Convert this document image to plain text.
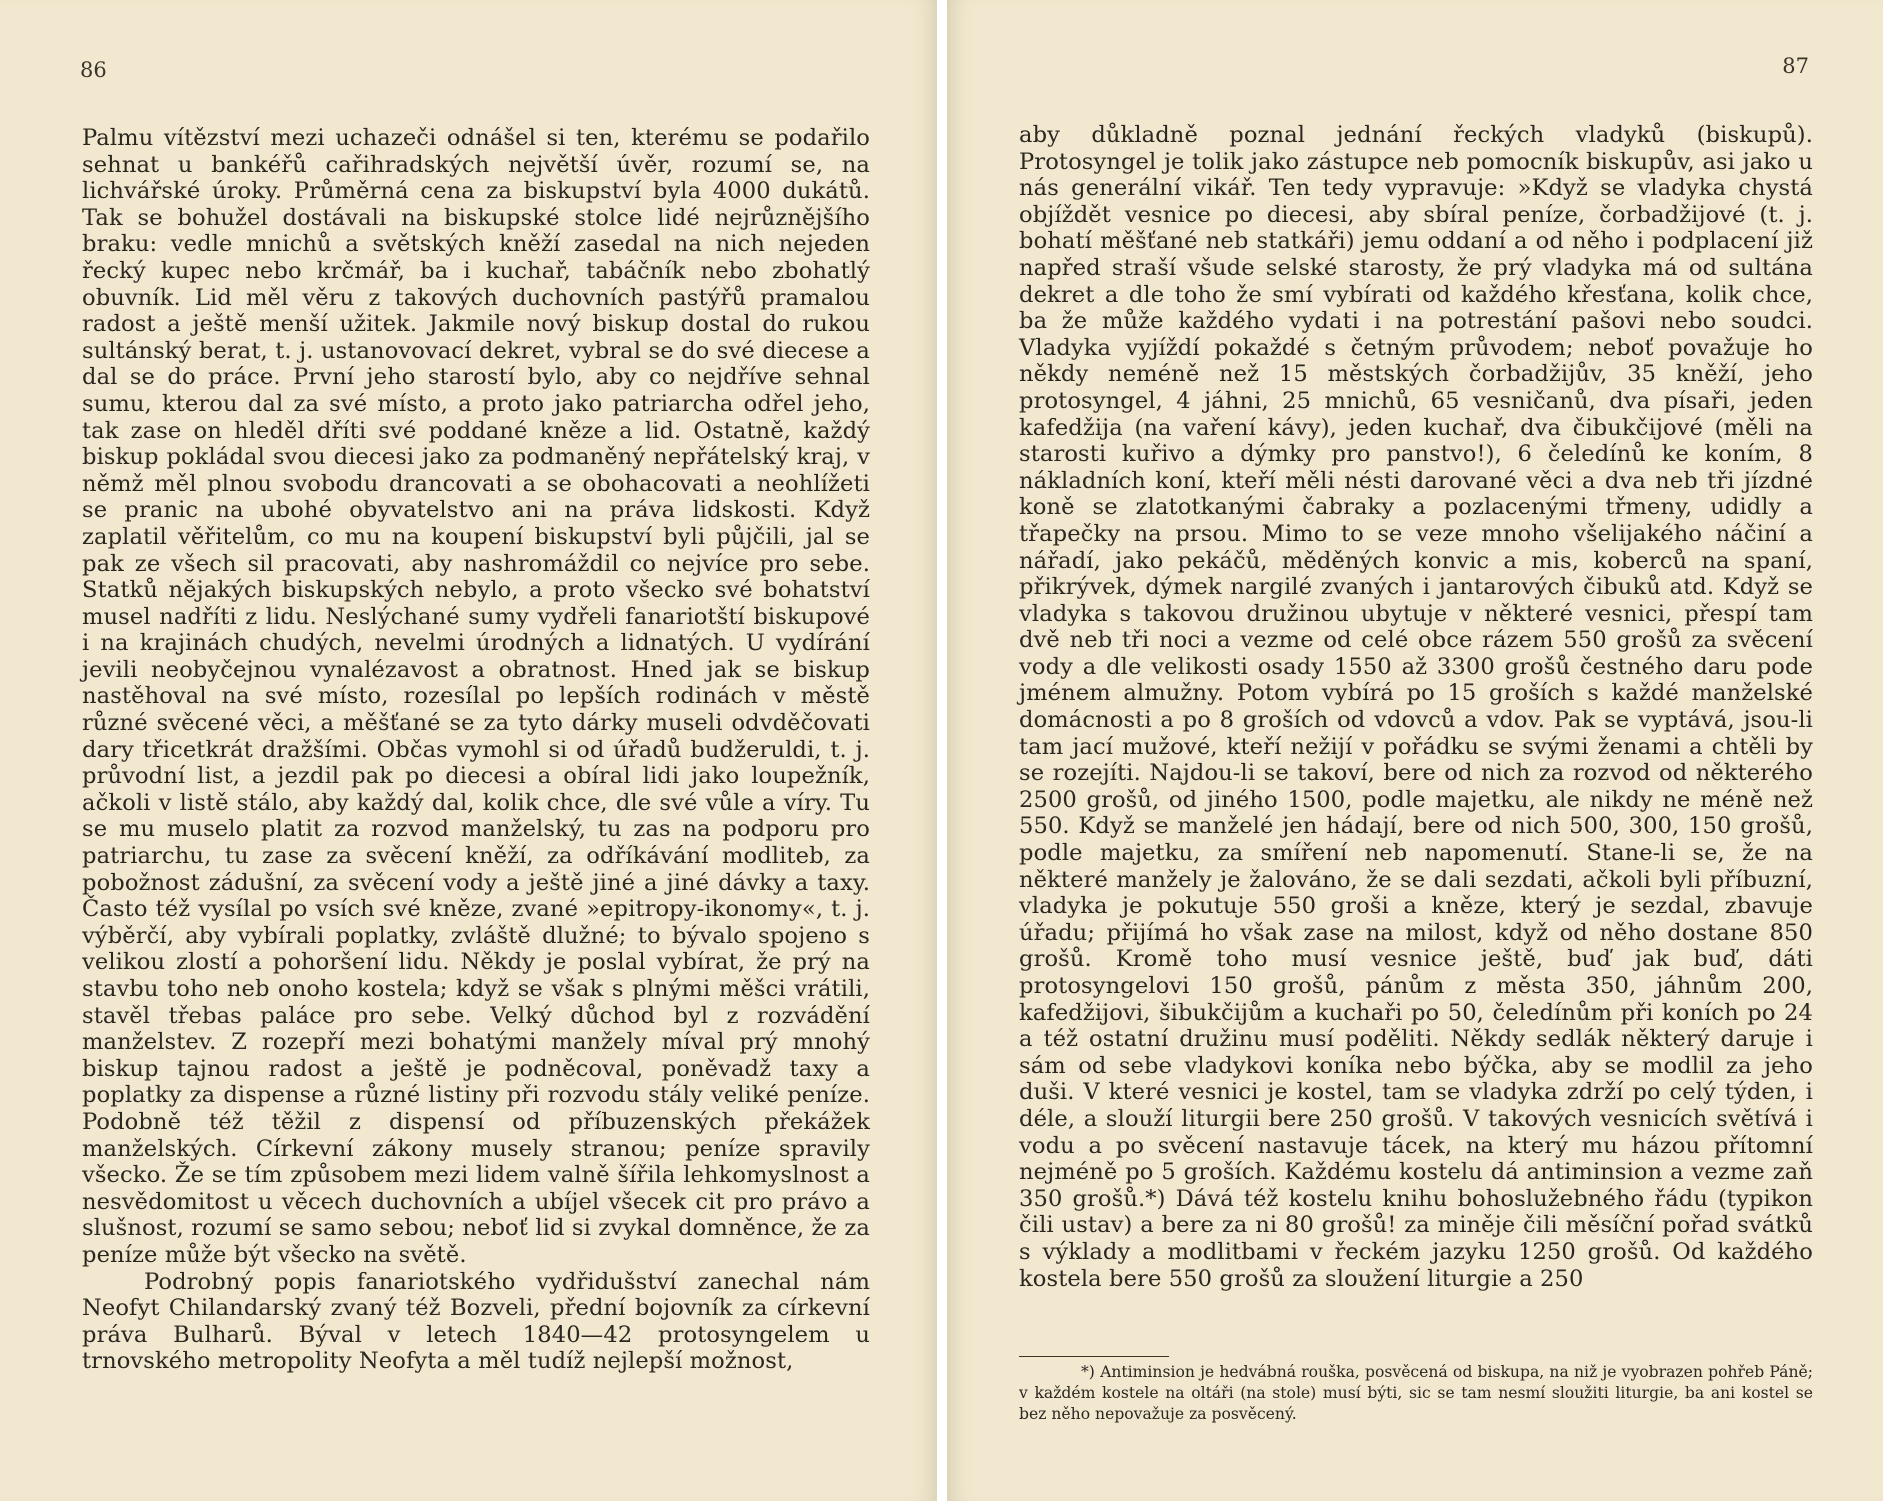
86

Palmu vítězství mezi uchazeči odnášel si ten, kterému se podařilo sehnat u bankéřů cařihradských největší úvěr, rozumí se, na lichvářské úroky. Průměrná cena za biskupství byla 4000 dukátů. Tak se bohužel dostávali na biskupské stolce lidé nejrůznějšího braku: vedle mnichů a světských kněží zasedal na nich nejeden řecký kupec nebo krčmář, ba i kuchař, tabáčník nebo zbohatlý obuvník. Lid měl věru z takových duchovních pastýřů pramalou radost a ještě menší užitek. Jakmile nový biskup dostal do rukou sultánský berat, t. j. ustanovovací dekret, vybral se do své diecese a dal se do práce. První jeho starostí bylo, aby co nejdříve sehnal sumu, kterou dal za své místo, a proto jako patriarcha odřel jeho, tak zase on hleděl dříti své poddané kněze a lid. Ostatně, každý biskup pokládal svou diecesi jako za podmaněný nepřátelský kraj, v němž měl plnou svobodu drancovati a se obohacovati a neohlížeti se pranic na ubohé obyvatelstvo ani na práva lidskosti. Když zaplatil věřitelům, co mu na koupení biskupství byli půjčili, jal se pak ze všech sil pracovati, aby nashromáždil co nejvíce pro sebe. Statků nějakých biskupských nebylo, a proto všecko své bohatství musel nadříti z lidu. Neslýchané sumy vydřeli fanariotští biskupové i na krajinách chudých, nevelmi úrodných a lidnatých. U vydírání jevili neobyčejnou vynalézavost a obratnost. Hned jak se biskup nastěhoval na své místo, rozesílal po lepších rodinách v městě různé svěcené věci, a měšťané se za tyto dárky museli odvděčovati dary třicetkrát dražšími. Občas vymohl si od úřadů budžeruldi, t. j. průvodní list, a jezdil pak po diecesi a obíral lidi jako loupežník, ačkoli v listě stálo, aby každý dal, kolik chce, dle své vůle a víry. Tu se mu muselo platit za rozvod manželský, tu zas na podporu pro patriarchu, tu zase za svěcení kněží, za odříkávání modliteb, za pobožnost zádušní, za svěcení vody a ještě jiné a jiné dávky a taxy. Často též vysílal po vsích své kněze, zvané »epitropy-ikonomy«, t. j. výběrčí, aby vybírali poplatky, zvláště dlužné; to bývalo spojeno s velikou zlostí a pohoršení lidu. Někdy je poslal vybírat, že prý na stavbu toho neb onoho kostela; když se však s plnými měšci vrátili, stavěl třebas paláce pro sebe. Velký důchod byl z rozvádění manželstev. Z rozepří mezi bohatými manžely míval prý mnohý biskup tajnou radost a ještě je podněcoval, poněvadž taxy a poplatky za dispense a různé listiny při rozvodu stály veliké peníze. Podobně též těžil z dispensí od příbuzenských překážek manželských. Církevní zákony musely stranou; peníze spravily všecko. Že se tím způsobem mezi lidem valně šířila lehkomyslnost a nesvědomitost u věcech duchovních a ubíjel všecek cit pro právo a slušnost, rozumí se samo sebou; neboť lid si zvykal domněnce, že za peníze může být všecko na světě.

Podrobný popis fanariotského vydřidušství zanechal nám Neofyt Chilandarský zvaný též Bozveli, přední bojovník za církevní práva Bulharů. Býval v letech 1840—42 protosyngelem u trnovského metropolity Neofyta a měl tudíž nejlepší možnost,

87

aby důkladně poznal jednání řeckých vladyků (biskupů). Protosyngel je tolik jako zástupce neb pomocník biskupův, asi jako u nás generální vikář. Ten tedy vypravuje: »Když se vladyka chystá objíždět vesnice po diecesi, aby sbíral peníze, čorbadžijové (t. j. bohatí měšťané neb statkáři) jemu oddaní a od něho i podplacení již napřed straší všude selské starosty, že prý vladyka má od sultána dekret a dle toho že smí vybírati od každého křesťana, kolik chce, ba že může každého vydati i na potrestání pašovi nebo soudci. Vladyka vyjíždí pokaždé s četným průvodem; neboť považuje ho někdy neméně než 15 městských čorbadžijův, 35 kněží, jeho protosyngel, 4 jáhni, 25 mnichů, 65 vesničanů, dva písaři, jeden kafedžija (na vaření kávy), jeden kuchař, dva čibukčijové (měli na starosti kuřivo a dýmky pro panstvo!), 6 čeledínů ke koním, 8 nákladních koní, kteří měli nésti darované věci a dva neb tři jízdné koně se zlatotkanými čabraky a pozlacenými třmeny, udidly a třapečky na prsou. Mimo to se veze mnoho všelijakého náčiní a nářadí, jako pekáčů, měděných konvic a mis, koberců na spaní, přikrývek, dýmek nargilé zvaných i jantarových čibuků atd. Když se vladyka s takovou družinou ubytuje v některé vesnici, přespí tam dvě neb tři noci a vezme od celé obce rázem 550 grošů za svěcení vody a dle velikosti osady 1550 až 3300 grošů čestného daru pode jménem almužny. Potom vybírá po 15 groších s každé manželské domácnosti a po 8 groších od vdovců a vdov. Pak se vyptává, jsou-li tam jací mužové, kteří nežijí v pořádku se svými ženami a chtěli by se rozejíti. Najdou-li se takoví, bere od nich za rozvod od některého 2500 grošů, od jiného 1500, podle majetku, ale nikdy ne méně než 550. Když se manželé jen hádají, bere od nich 500, 300, 150 grošů, podle majetku, za smíření neb napomenutí. Stane-li se, že na některé manžely je žalováno, že se dali sezdati, ačkoli byli příbuzní, vladyka je pokutuje 550 groši a kněze, který je sezdal, zbavuje úřadu; přijímá ho však zase na milost, když od něho dostane 850 grošů. Kromě toho musí vesnice ještě, buď jak buď, dáti protosyngelovi 150 grošů, pánům z města 350, jáhnům 200, kafedžijovi, šibukčijům a kuchaři po 50, čeledínům při koních po 24 a též ostatní družinu musí poděliti. Někdy sedlák některý daruje i sám od sebe vladykovi koníka nebo býčka, aby se modlil za jeho duši. V které vesnici je kostel, tam se vladyka zdrží po celý týden, i déle, a slouží liturgii bere 250 grošů. V takových vesnicích světívá i vodu a po svěcení nastavuje tácek, na který mu házou přítomní nejméně po 5 groších. Každému kostelu dá antiminsion a vezme zaň 350 grošů.*) Dává též kostelu knihu bohoslužebného řádu (typikon čili ustav) a bere za ni 80 grošů! za miněje čili měsíční pořad svátků s výklady a modlitbami v řeckém jazyku 1250 grošů. Od každého kostela bere 550 grošů za sloužení liturgie a 250

*) Antiminsion je hedvábná rouška, posvěcená od biskupa, na niž je vyobrazen pohřeb Páně; v každém kostele na oltáři (na stole) musí býti, sic se tam nesmí sloužiti liturgie, ba ani kostel se bez něho nepovažuje za posvěcený.
